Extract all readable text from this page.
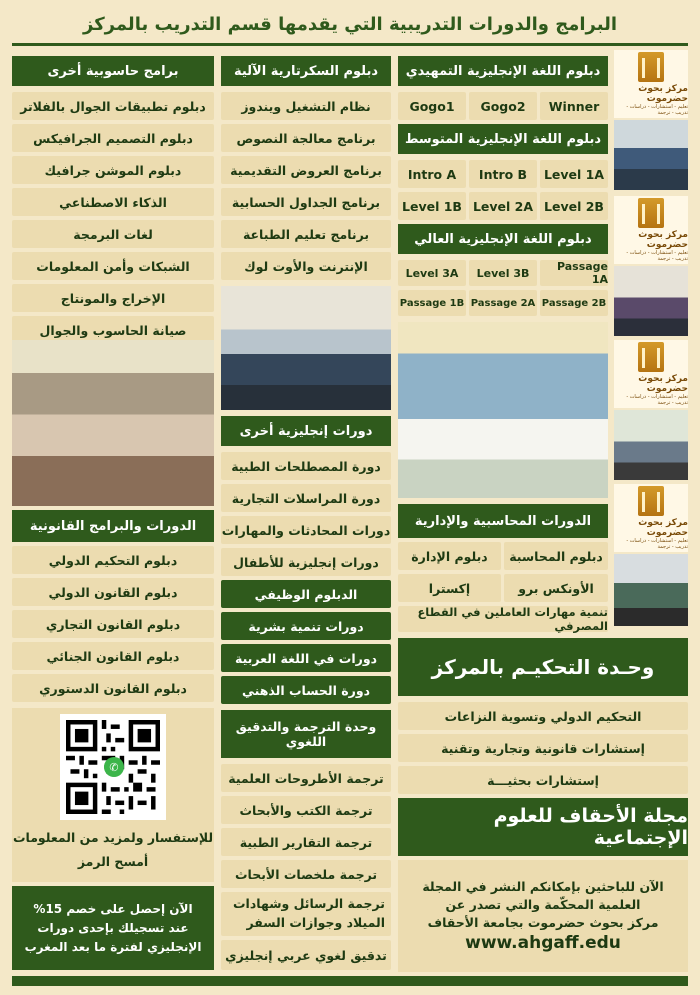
البرامج والدورات التدريبية التي يقدمها قسم التدريب بالمركز
مركز بحوث حضرموت
تعليم - استشارات - دراسات - تدريب - ترجمة
مركز بحوث حضرموت
تعليم - استشارات - دراسات - تدريب - ترجمة
مركز بحوث حضرموت
تعليم - استشارات - دراسات - تدريب - ترجمة
مركز بحوث حضرموت
تعليم - استشارات - دراسات - تدريب - ترجمة
دبلوم اللغة الإنجليزية التمهيدي
Winner
Gogo2
Gogo1
دبلوم اللغة الإنجليزية المتوسط
Level 1A
Intro B
Intro A
Level 2B
Level 2A
Level 1B
دبلوم اللغة الإنجليزية العالي
Passage 1A
Level 3B
Level 3A
Passage 2B
Passage 2A
Passage 1B
الدورات المحاسبية والإدارية
دبلوم المحاسبة
دبلوم الإدارة
الأونكس برو
إكسترا
تنمية مهارات العاملين في القطاع المصرفي
وحـدة التحكيـم بالمركز
التحكيم الدولي وتسوية النزاعات
إستشارات قانونية وتجارية وتقنية
إستشارات بحثيـــة
مجلة الأحقاف للعلوم الإجتماعية
الآن للباحثين بإمكانكم النشر في المجلة
العلمية المحكّمة والتي تصدر عن
مركز بحوث حضرموت بجامعة الأحقاف
www.ahgaff.edu
دبلوم السكرتارية الآلية
نظام التشغيل ويندوز
برنامج معالجة النصوص
برنامج العروض التقديمية
برنامج الجداول الحسابية
برنامج تعليم الطباعة
الإنترنت والأوت لوك
دورات إنجليزية أخرى
دورة المصطلحات الطبية
دورة المراسلات التجارية
دورات المحادثات والمهارات
دورات إنجليزية للأطفال
الدبلوم الوظيفي
دورات تنمية بشرية
دورات في اللغة العربية
دورة الحساب الذهني
وحدة الترجمة والتدقيق اللغوي
ترجمة الأطروحات العلمية
ترجمة الكتب والأبحاث
ترجمة التقارير الطبية
ترجمة ملخصات الأبحاث
ترجمة الرسائل وشهادات الميلاد وجوازات السفر
تدقيق لغوي عربي إنجليزي
برامج حاسوبية أخرى
دبلوم تطبيقات الجوال بالفلاتر
دبلوم التصميم الجرافيكس
دبلوم الموشن جرافيك
الذكاء الاصطناعي
لغات البرمجة
الشبكات وأمن المعلومات
الإخراج والمونتاج
صيانة الحاسوب والجوال
الدورات والبرامج القانونية
دبلوم التحكيم الدولي
دبلوم القانون الدولي
دبلوم القانون التجاري
دبلوم القانون الجنائي
دبلوم القانون الدستوري
✆
للإستفسار ولمزيد من المعلومات
أمسح الرمز
الآن إحصل على خصم 15%
عند تسجيلك بإحدى دورات
الإنجليزي لفترة ما بعد المغرب
